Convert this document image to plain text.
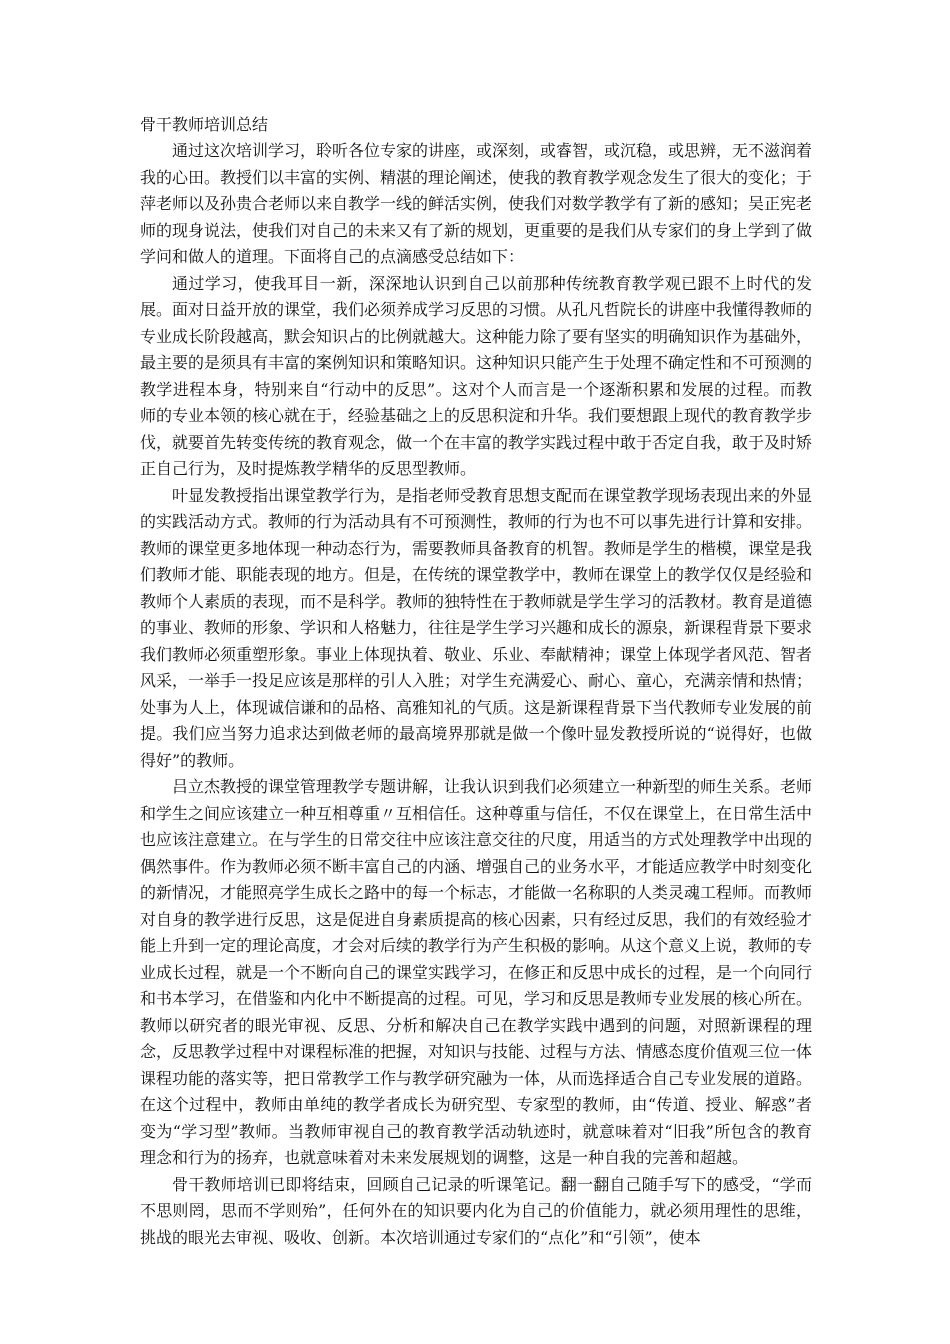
骨干教师培训总结

通过这次培训学习，聆听各位专家的讲座，或深刻，或睿智，或沉稳，或思辨，无不滋润着我的心田。教授们以丰富的实例、精湛的理论阐述，使我的教育教学观念发生了很大的变化；于萍老师以及孙贵合老师以来自教学一线的鲜活实例，使我们对数学教学有了新的感知；吴正宪老师的现身说法，使我们对自己的未来又有了新的规划，更重要的是我们从专家们的身上学到了做学问和做人的道理。下面将自己的点滴感受总结如下：

通过学习，使我耳目一新，深深地认识到自己以前那种传统教育教学观已跟不上时代的发展。面对日益开放的课堂，我们必须养成学习反思的习惯。从孔凡哲院长的讲座中我懂得教师的专业成长阶段越高，默会知识占的比例就越大。这种能力除了要有坚实的明确知识作为基础外，最主要的是须具有丰富的案例知识和策略知识。这种知识只能产生于处理不确定性和不可预测的教学进程本身，特别来自“行动中的反思”。这对个人而言是一个逐渐积累和发展的过程。而教师的专业本领的核心就在于，经验基础之上的反思积淀和升华。我们要想跟上现代的教育教学步伐，就要首先转变传统的教育观念，做一个在丰富的教学实践过程中敢于否定自我，敢于及时矫正自己行为，及时提炼教学精华的反思型教师。

叶显发教授指出课堂教学行为，是指老师受教育思想支配而在课堂教学现场表现出来的外显的实践活动方式。教师的行为活动具有不可预测性，教师的行为也不可以事先进行计算和安排。教师的课堂更多地体现一种动态行为，需要教师具备教育的机智。教师是学生的楷模，课堂是我们教师才能、职能表现的地方。但是，在传统的课堂教学中，教师在课堂上的教学仅仅是经验和教师个人素质的表现，而不是科学。教师的独特性在于教师就是学生学习的活教材。教育是道德的事业、教师的形象、学识和人格魅力，往往是学生学习兴趣和成长的源泉，新课程背景下要求我们教师必须重塑形象。事业上体现执着、敬业、乐业、奉献精神；课堂上体现学者风范、智者风采，一举手一投足应该是那样的引人入胜；对学生充满爱心、耐心、童心，充满亲情和热情；处事为人上，体现诚信谦和的品格、高雅知礼的气质。这是新课程背景下当代教师专业发展的前提。我们应当努力追求达到做老师的最高境界那就是做一个像叶显发教授所说的“说得好，也做得好”的教师。

吕立杰教授的课堂管理教学专题讲解，让我认识到我们必须建立一种新型的师生关系。老师和学生之间应该建立一种互相尊重〃互相信任。这种尊重与信任，不仅在课堂上，在日常生活中也应该注意建立。在与学生的日常交往中应该注意交往的尺度，用适当的方式处理教学中出现的偶然事件。作为教师必须不断丰富自己的内涵、增强自己的业务水平，才能适应教学中时刻变化的新情况，才能照亮学生成长之路中的每一个标志，才能做一名称职的人类灵魂工程师。而教师对自身的教学进行反思，这是促进自身素质提高的核心因素，只有经过反思，我们的有效经验才能上升到一定的理论高度，才会对后续的教学行为产生积极的影响。从这个意义上说，教师的专业成长过程，就是一个不断向自己的课堂实践学习，在修正和反思中成长的过程，是一个向同行和书本学习，在借鉴和内化中不断提高的过程。可见，学习和反思是教师专业发展的核心所在。教师以研究者的眼光审视、反思、分析和解决自己在教学实践中遇到的问题，对照新课程的理念，反思教学过程中对课程标准的把握，对知识与技能、过程与方法、情感态度价值观三位一体课程功能的落实等，把日常教学工作与教学研究融为一体，从而选择适合自己专业发展的道路。在这个过程中，教师由单纯的教学者成长为研究型、专家型的教师，由“传道、授业、解惑”者变为“学习型”教师。当教师审视自己的教育教学活动轨迹时，就意味着对“旧我”所包含的教育理念和行为的扬弃，也就意味着对未来发展规划的调整，这是一种自我的完善和超越。

骨干教师培训已即将结束，回顾自己记录的听课笔记。翻一翻自己随手写下的感受，“学而不思则罔，思而不学则殆”，任何外在的知识要内化为自己的价值能力，就必须用理性的思维，挑战的眼光去审视、吸收、创新。本次培训通过专家们的“点化”和“引领”，使本
